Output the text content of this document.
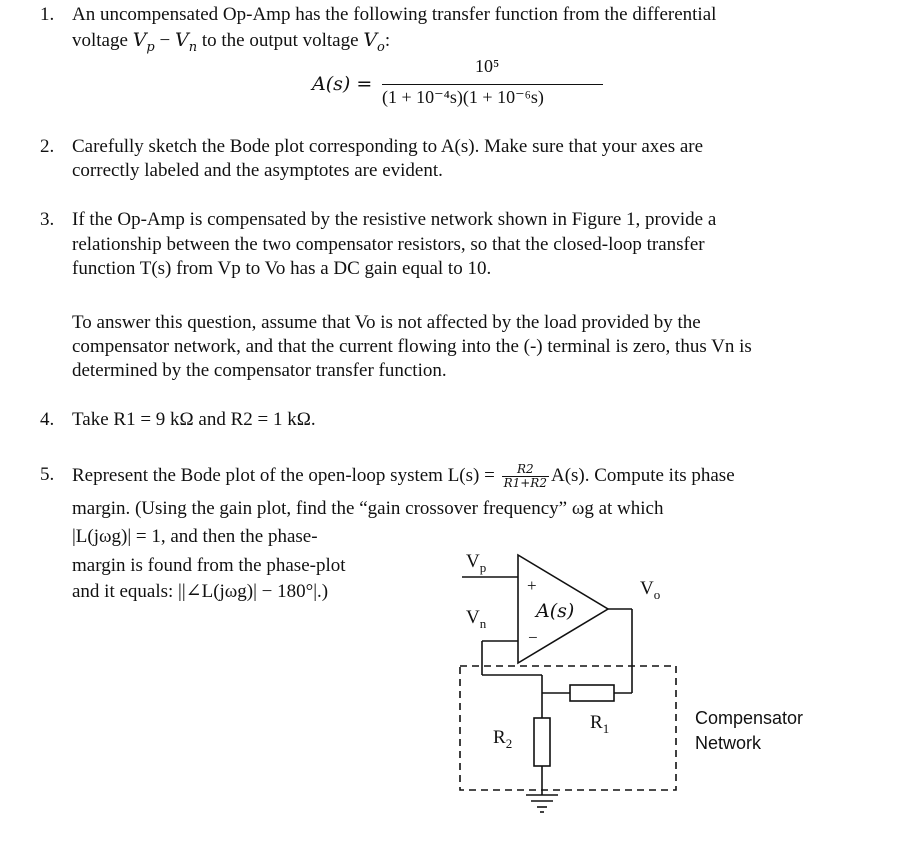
1. An uncompensated Op-Amp has the following transfer function from the differential
voltage $V_p - V_n$ to the output voltage $V_o$:
A(s) =
10⁵
(1 + 10⁻⁴s)(1 + 10⁻⁶s)
2. Carefully sketch the Bode plot corresponding to A(s). Make sure that your axes are
correctly labeled and the asymptotes are evident.
3. If the Op-Amp is compensated by the resistive network shown in Figure 1, provide a
relationship between the two compensator resistors, so that the closed-loop transfer
function T(s) from Vp to Vo has a DC gain equal to 10.
To answer this question, assume that Vo is not affected by the load provided by the
compensator network, and that the current flowing into the (-) terminal is zero, thus Vn is
determined by the compensator transfer function.
4. Take R1 = 9 kΩ and R2 = 1 kΩ.
5. Represent the Bode plot of the open-loop system $L(s) = \frac{R2}{R1+R2} A(s)$. Compute its phase
margin. (Using the gain plot, find the “gain crossover frequency” ωg at which
|L(jωg)| = 1, and then the phase-
margin is found from the phase-plot
and it equals: ||∠L(jωg)| − 180°|.)
$V_p$
$V_n$
$V_o$
+
−
A(s)
$R_1$
$R_2$
Compensator
Network
